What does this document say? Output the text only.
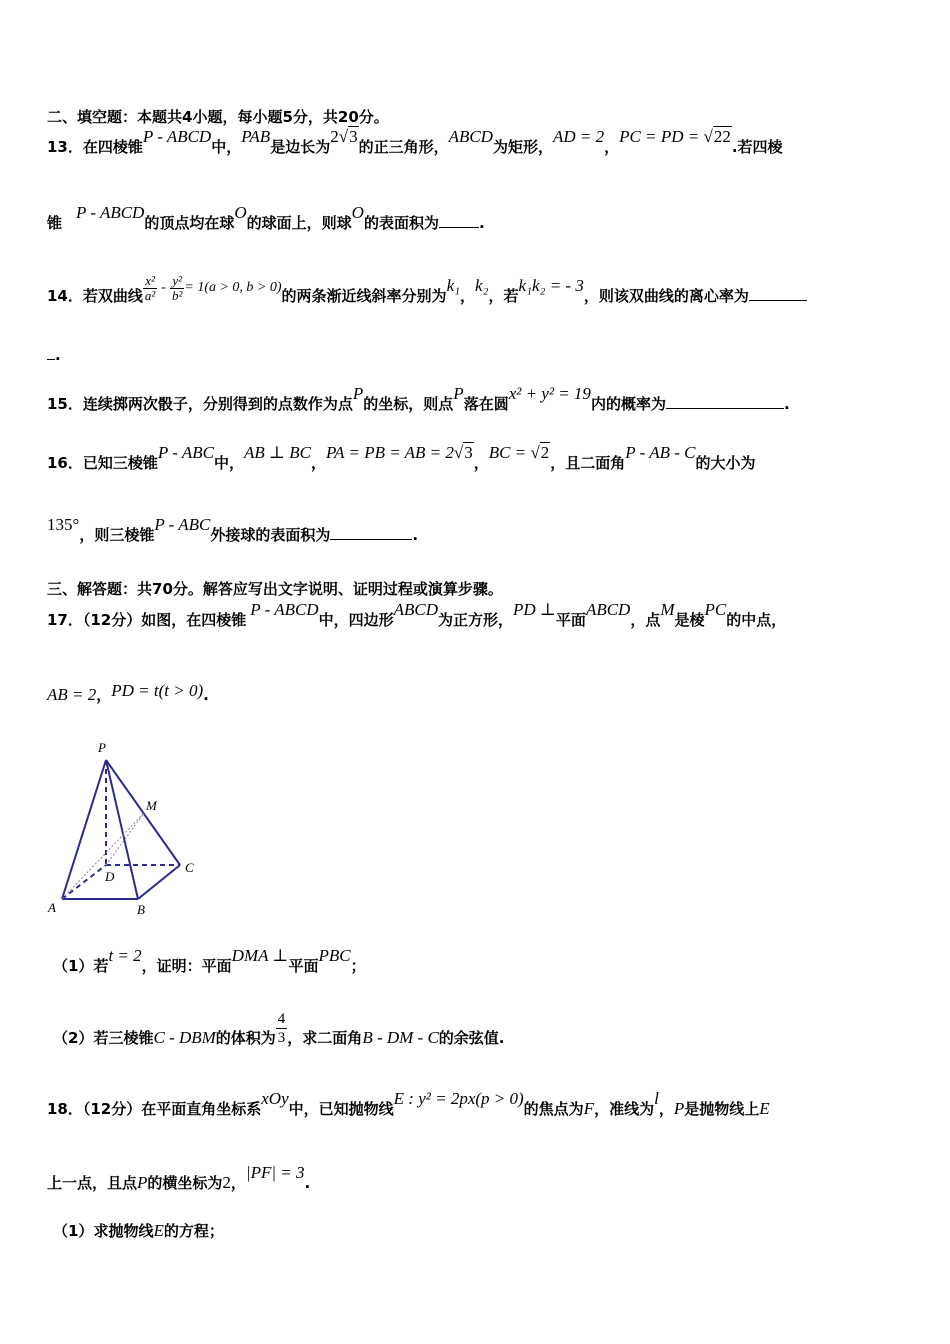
二、填空题：本题共4小题，每小题5分，共20分。
13．在四棱锥P - ABCD中，PAB是边长为2√3的正三角形，ABCD为矩形，AD = 2，PC = PD = √22.若四棱
锥P - ABCD的顶点均在球O的球面上，则球O的表面积为	.
14．若双曲线 $\frac{\text{x²}}{\text{a²}} - \frac{\text{y²}}{\text{b²}} = 1(a > 0$, b > 0)的两条渐近线斜率分别为k₁，k₂，若k₁k₂ = - 3，则该双曲线的离心率为
.
15．连续掷两次骰子，分别得到的点数作为点P的坐标，则点P落在圆x² + y² = 19内的概率为	.
16．已知三棱锥P - ABC中，AB ⊥ BC，PA = PB = AB = 2√3，BC = √2，且二面角P - AB - C的大小为
135°，则三棱锥P - ABC外接球的表面积为	.
三、解答题：共70分。解答应写出文字说明、证明过程或演算步骤。
17．（12分）如图，在四棱锥P - ABCD中，四边形ABCD为正方形，PD ⊥平面ABCD，点M是棱PC的中点，
AB = 2，PD = t(t > 0).
P
M
C
D
A	B
（1）若t = 2，证明：平面DMA ⊥平面PBC；
（2）若三棱锥C - DBM的体积为 $\frac{4}{3}$ ，求二面角B - DM - C的余弦值.
18．（12分）在平面直角坐标系xOy中，已知抛物线E : y² = 2px(p > 0)的焦点为F，准线为l，P是抛物线上E
上一点，且点P的横坐标为2，|PF| = 3.
（1）求抛物线E的方程；
